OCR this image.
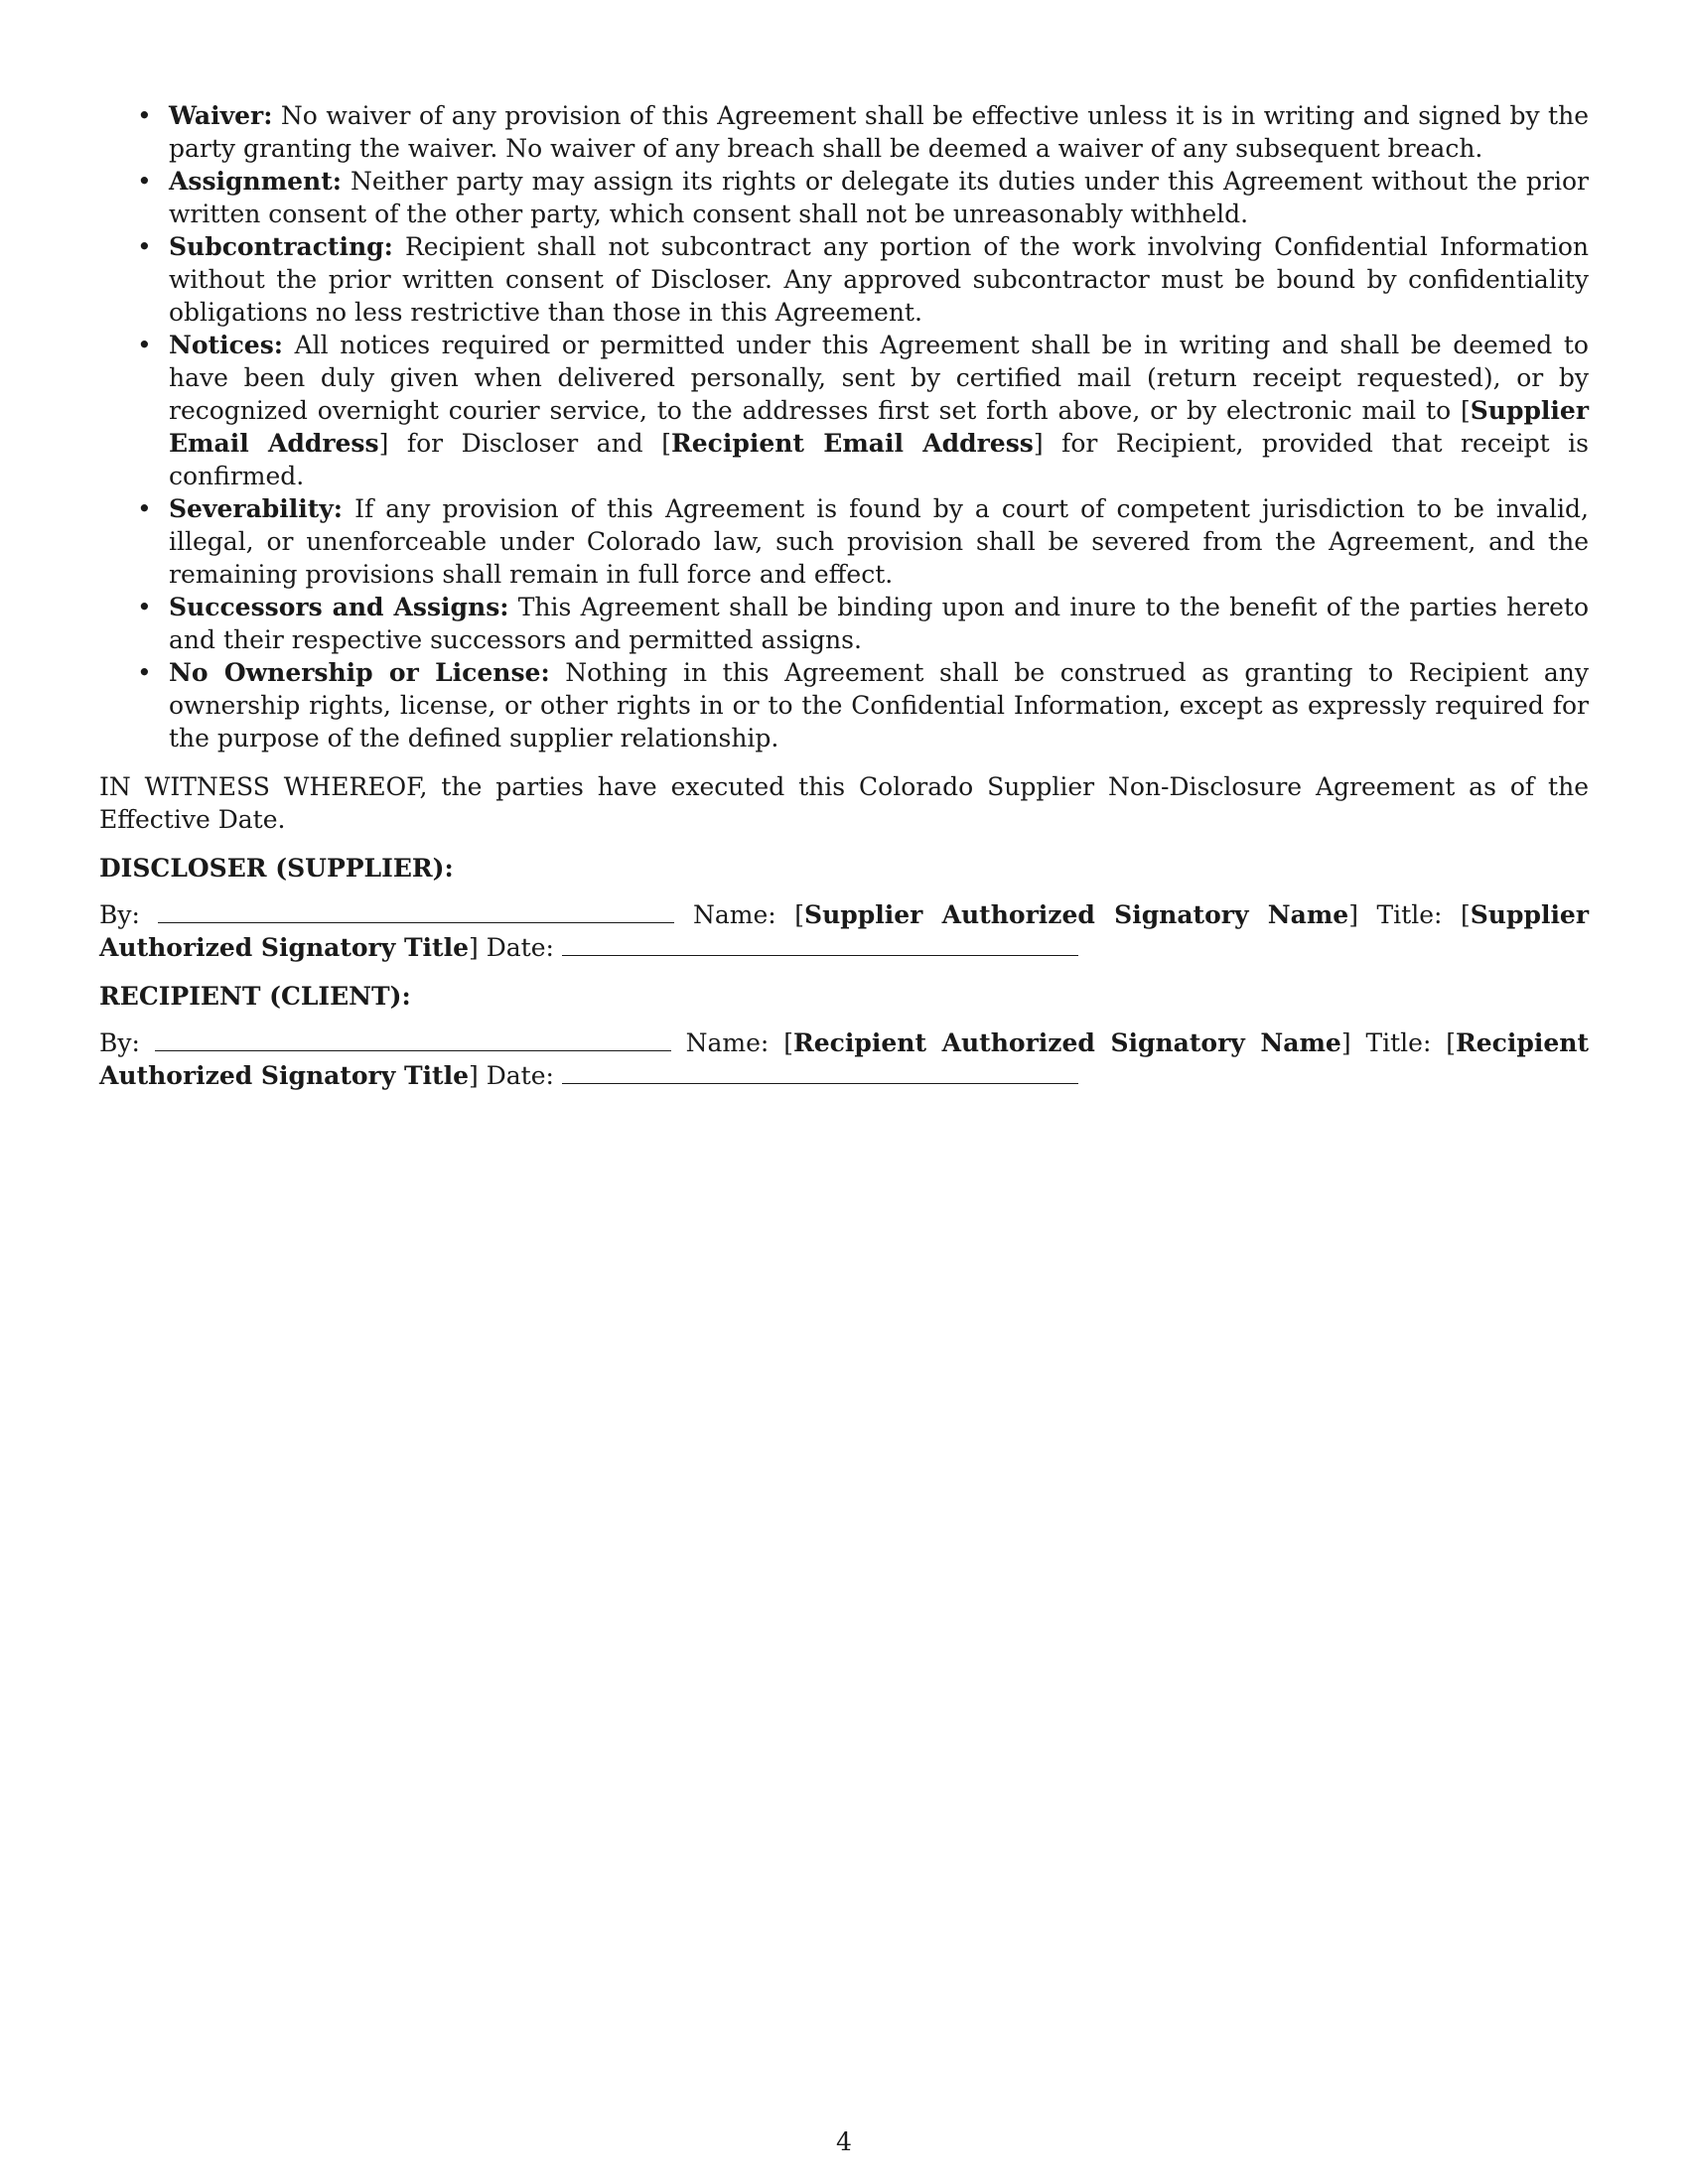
• Waiver: No waiver of any provision of this Agreement shall be effective unless it is in writing and signed by the party granting the waiver. No waiver of any breach shall be deemed a waiver of any subsequent breach.
• Assignment: Neither party may assign its rights or delegate its duties under this Agreement without the prior written consent of the other party, which consent shall not be unreasonably withheld.
• Subcontracting: Recipient shall not subcontract any portion of the work involving Confidential Information without the prior written consent of Discloser. Any approved subcontractor must be bound by confidentiality obligations no less restrictive than those in this Agreement.
• Notices: All notices required or permitted under this Agreement shall be in writing and shall be deemed to have been duly given when delivered personally, sent by certified mail (return receipt requested), or by recognized overnight courier service, to the addresses first set forth above, or by electronic mail to [Supplier Email Address] for Discloser and [Recipient Email Address] for Recipient, provided that receipt is confirmed.
• Severability: If any provision of this Agreement is found by a court of competent jurisdiction to be invalid, illegal, or unenforceable under Colorado law, such provision shall be severed from the Agreement, and the remaining provisions shall remain in full force and effect.
• Successors and Assigns: This Agreement shall be binding upon and inure to the benefit of the parties hereto and their respective successors and permitted assigns.
• No Ownership or License: Nothing in this Agreement shall be construed as granting to Recipient any ownership rights, license, or other rights in or to the Confidential Information, except as expressly required for the purpose of the defined supplier relationship.
IN WITNESS WHEREOF, the parties have executed this Colorado Supplier Non-Disclosure Agreement as of the Effective Date.
DISCLOSER (SUPPLIER):
By:	Name: [Supplier Authorized Signatory Name] Title: [Supplier Authorized Signatory Title] Date:
RECIPIENT (CLIENT):
By:	Name: [Recipient Authorized Signatory Name] Title: [Recipient Authorized Signatory Title] Date:
4
